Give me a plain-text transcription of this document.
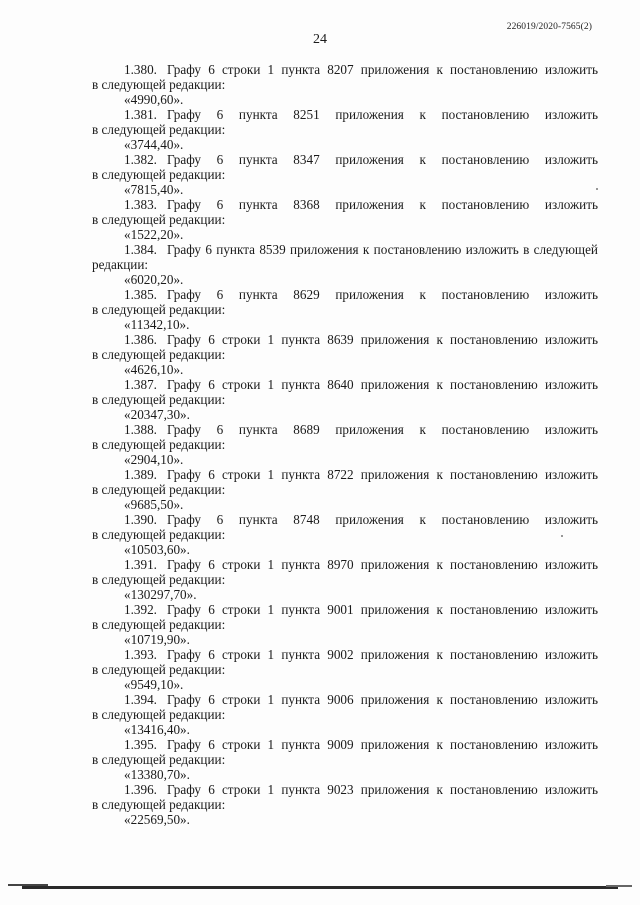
226019/2020-7565(2)
24
1.380. Графу 6 строки 1 пункта 8207 приложения к постановлению изложить
в следующей редакции:
«4990,60».
1.381. Графу 6 пункта 8251 приложения к постановлению изложить
в следующей редакции:
«3744,40».
1.382. Графу 6 пункта 8347 приложения к постановлению изложить
в следующей редакции:
«7815,40».
1.383. Графу 6 пункта 8368 приложения к постановлению изложить
в следующей редакции:
«1522,20».
1.384. Графу 6 пункта 8539 приложения к постановлению изложить в следующей
редакции:
«6020,20».
1.385. Графу 6 пункта 8629 приложения к постановлению изложить
в следующей редакции:
«11342,10».
1.386. Графу 6 строки 1 пункта 8639 приложения к постановлению изложить
в следующей редакции:
«4626,10».
1.387. Графу 6 строки 1 пункта 8640 приложения к постановлению изложить
в следующей редакции:
«20347,30».
1.388. Графу 6 пункта 8689 приложения к постановлению изложить
в следующей редакции:
«2904,10».
1.389. Графу 6 строки 1 пункта 8722 приложения к постановлению изложить
в следующей редакции:
«9685,50».
1.390. Графу 6 пункта 8748 приложения к постановлению изложить
в следующей редакции:
«10503,60».
1.391. Графу 6 строки 1 пункта 8970 приложения к постановлению изложить
в следующей редакции:
«130297,70».
1.392. Графу 6 строки 1 пункта 9001 приложения к постановлению изложить
в следующей редакции:
«10719,90».
1.393. Графу 6 строки 1 пункта 9002 приложения к постановлению изложить
в следующей редакции:
«9549,10».
1.394. Графу 6 строки 1 пункта 9006 приложения к постановлению изложить
в следующей редакции:
«13416,40».
1.395. Графу 6 строки 1 пункта 9009 приложения к постановлению изложить
в следующей редакции:
«13380,70».
1.396. Графу 6 строки 1 пункта 9023 приложения к постановлению изложить
в следующей редакции:
«22569,50».
